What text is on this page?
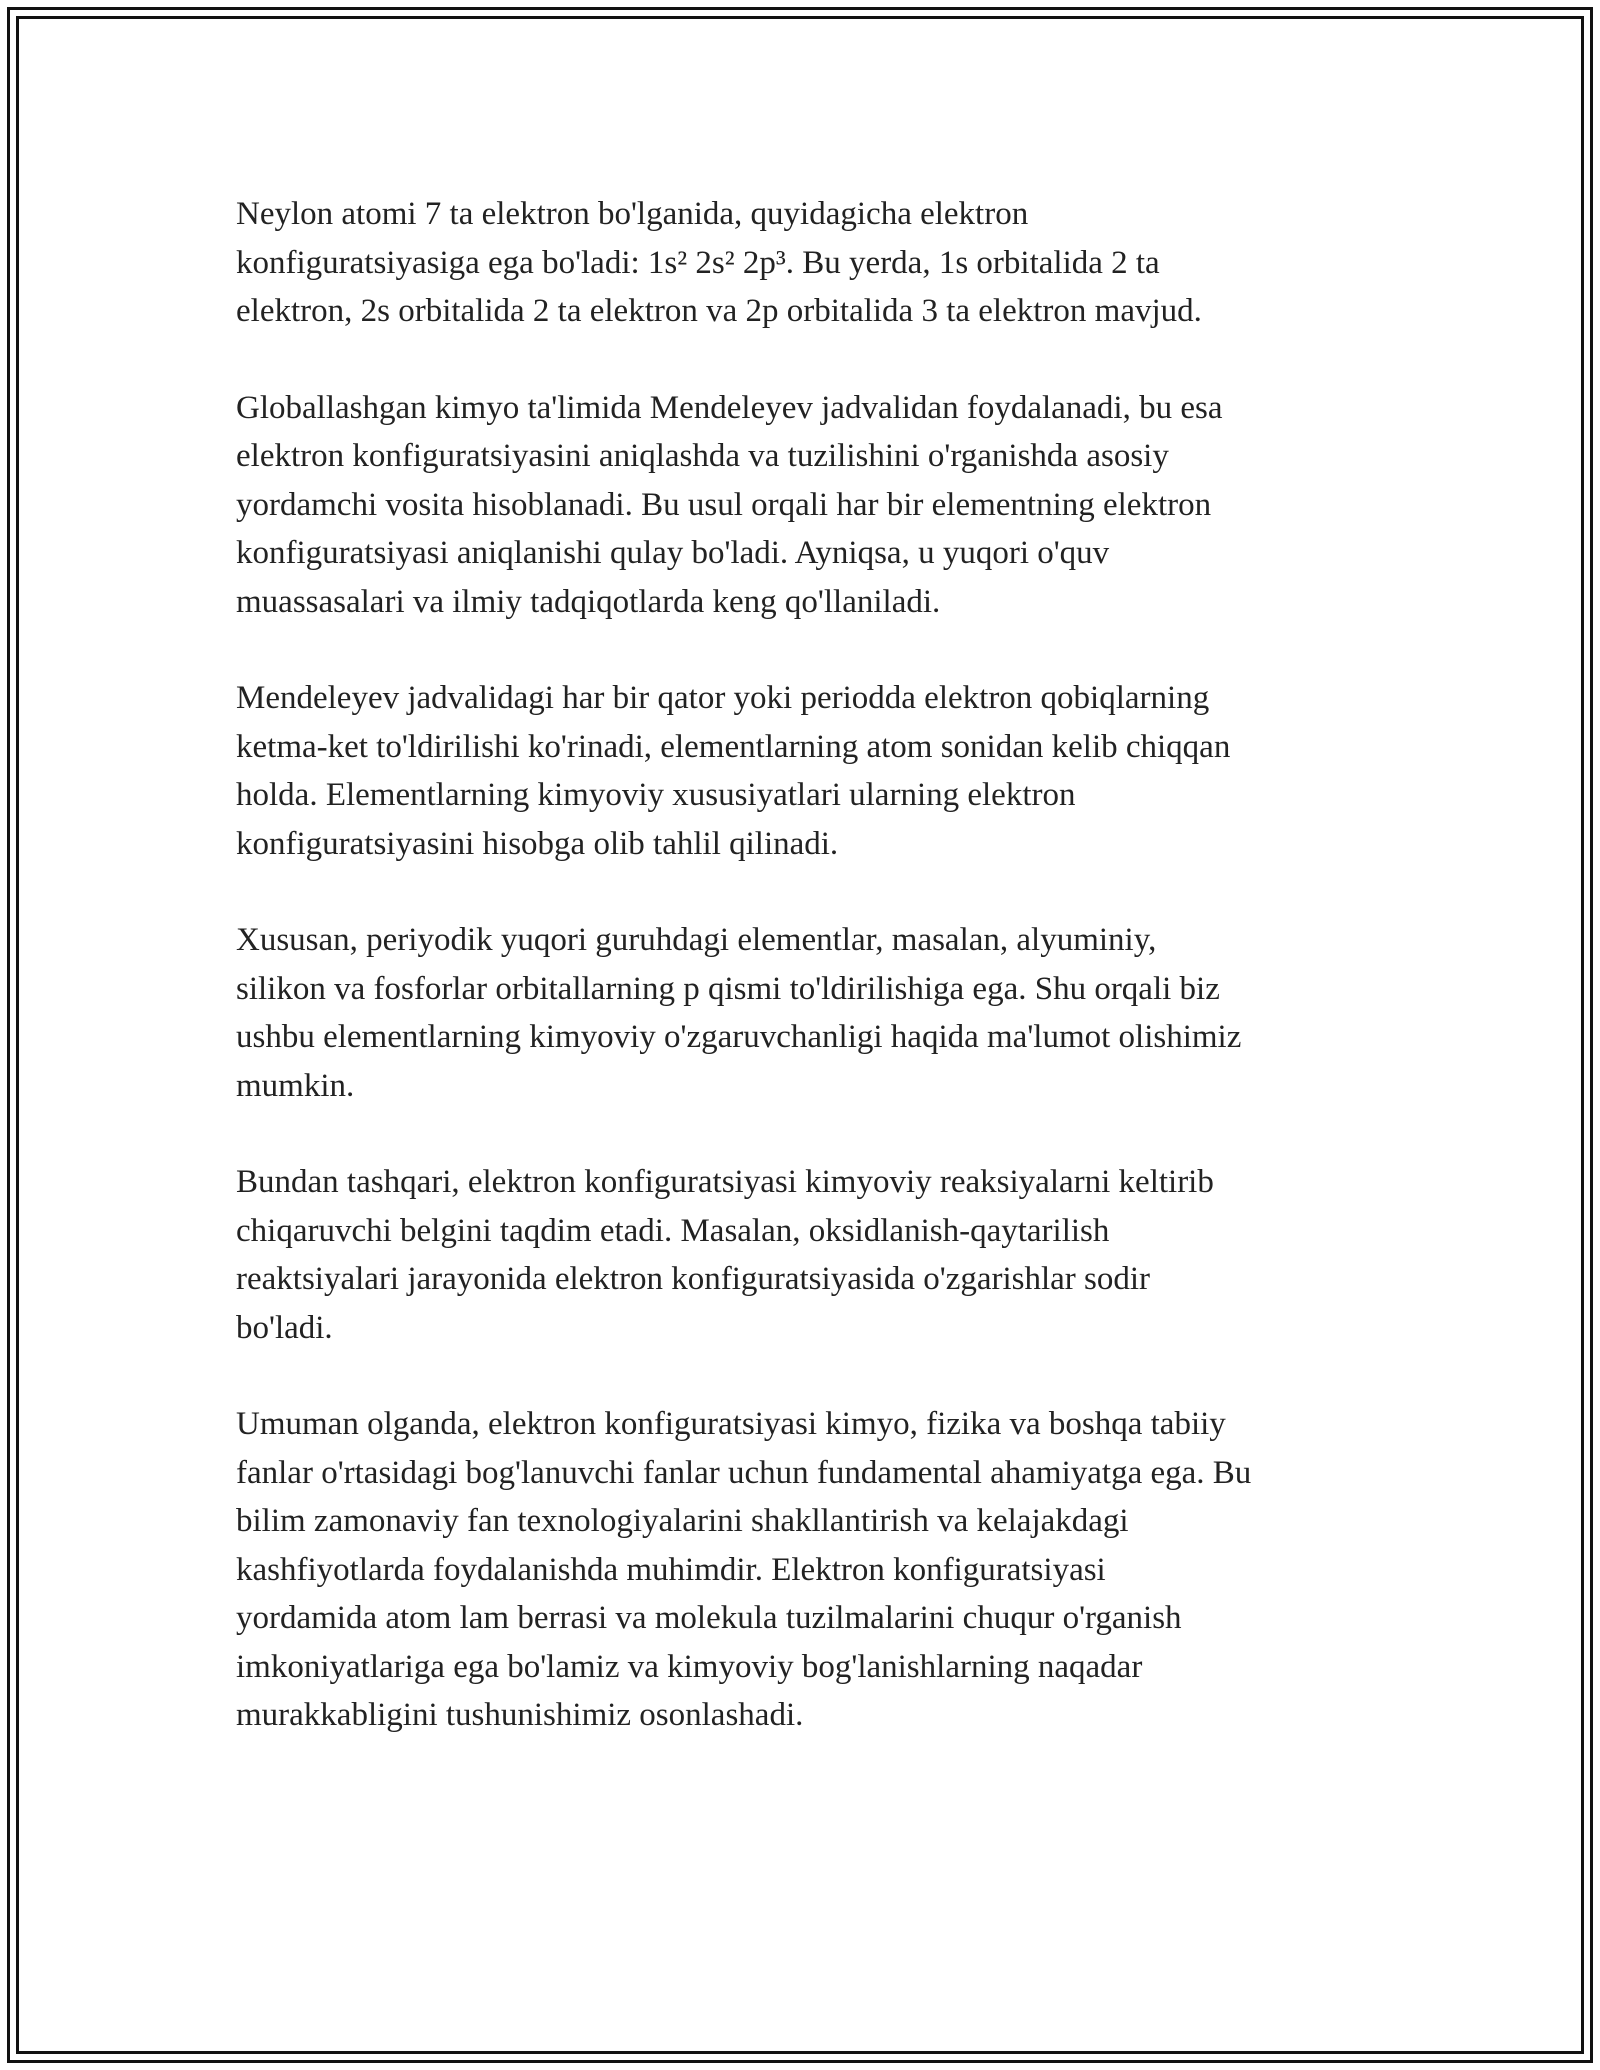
Neylon atomi 7 ta elektron bo'lganida, quyidagicha elektron
konfiguratsiyasiga ega bo'ladi: 1s² 2s² 2p³. Bu yerda, 1s orbitalida 2 ta
elektron, 2s orbitalida 2 ta elektron va 2p orbitalida 3 ta elektron mavjud.

Globallashgan kimyo ta'limida Mendeleyev jadvalidan foydalanadi, bu esa
elektron konfiguratsiyasini aniqlashda va tuzilishini o'rganishda asosiy
yordamchi vosita hisoblanadi. Bu usul orqali har bir elementning elektron
konfiguratsiyasi aniqlanishi qulay bo'ladi. Ayniqsa, u yuqori o'quv
muassasalari va ilmiy tadqiqotlarda keng qo'llaniladi.

Mendeleyev jadvalidagi har bir qator yoki periodda elektron qobiqlarning
ketma-ket to'ldirilishi ko'rinadi, elementlarning atom sonidan kelib chiqqan
holda. Elementlarning kimyoviy xususiyatlari ularning elektron
konfiguratsiyasini hisobga olib tahlil qilinadi.

Xususan, periyodik yuqori guruhdagi elementlar, masalan, alyuminiy,
silikon va fosforlar orbitallarning p qismi to'ldirilishiga ega. Shu orqali biz
ushbu elementlarning kimyoviy o'zgaruvchanligi haqida ma'lumot olishimiz
mumkin.

Bundan tashqari, elektron konfiguratsiyasi kimyoviy reaksiyalarni keltirib
chiqaruvchi belgini taqdim etadi. Masalan, oksidlanish-qaytarilish
reaktsiyalari jarayonida elektron konfiguratsiyasida o'zgarishlar sodir
bo'ladi.

Umuman olganda, elektron konfiguratsiyasi kimyo, fizika va boshqa tabiiy
fanlar o'rtasidagi bog'lanuvchi fanlar uchun fundamental ahamiyatga ega. Bu
bilim zamonaviy fan texnologiyalarini shakllantirish va kelajakdagi
kashfiyotlarda foydalanishda muhimdir. Elektron konfiguratsiyasi
yordamida atom lam berrasi va molekula tuzilmalarini chuqur o'rganish
imkoniyatlariga ega bo'lamiz va kimyoviy bog'lanishlarning naqadar
murakkabligini tushunishimiz osonlashadi.
